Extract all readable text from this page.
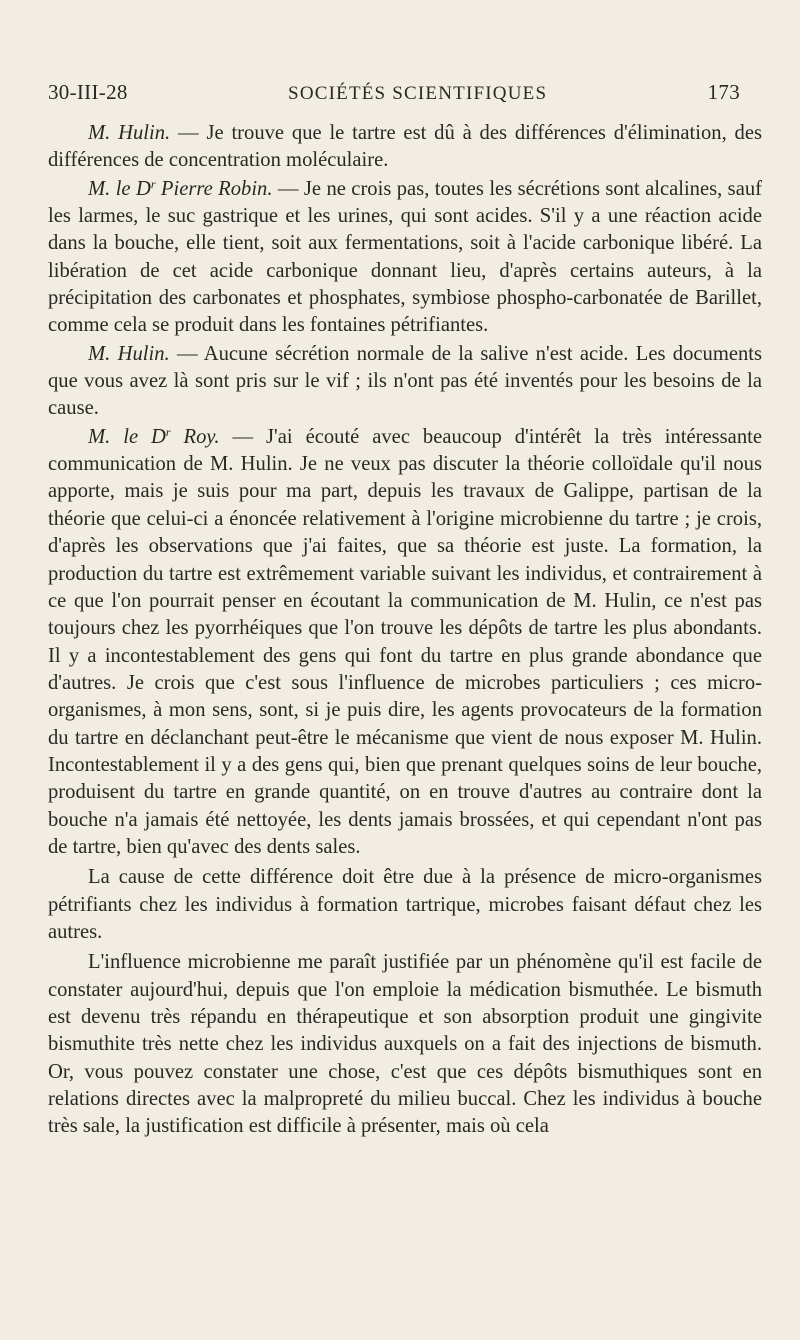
30-III-28	SOCIÉTÉS SCIENTIFIQUES	173

M. Hulin. — Je trouve que le tartre est dû à des différences d'élimination, des différences de concentration moléculaire.

M. le $D^r$ Pierre Robin. — Je ne crois pas, toutes les sécrétions sont alcalines, sauf les larmes, le suc gastrique et les urines, qui sont acides. S'il y a une réaction acide dans la bouche, elle tient, soit aux fermentations, soit à l'acide carbonique libéré. La libération de cet acide carbonique donnant lieu, d'après certains auteurs, à la précipitation des carbonates et phosphates, symbiose phospho-carbonatée de Barillet, comme cela se produit dans les fontaines pétrifiantes.

M. Hulin. — Aucune sécrétion normale de la salive n'est acide. Les documents que vous avez là sont pris sur le vif ; ils n'ont pas été inventés pour les besoins de la cause.

M. le $D^r$ Roy. — J'ai écouté avec beaucoup d'intérêt la très intéressante communication de M. Hulin. Je ne veux pas discuter la théorie colloïdale qu'il nous apporte, mais je suis pour ma part, depuis les travaux de Galippe, partisan de la théorie que celui-ci a énoncée relativement à l'origine microbienne du tartre ; je crois, d'après les observations que j'ai faites, que sa théorie est juste. La formation, la production du tartre est extrêmement variable suivant les individus, et contrairement à ce que l'on pourrait penser en écoutant la communication de M. Hulin, ce n'est pas toujours chez les pyorrhéiques que l'on trouve les dépôts de tartre les plus abondants. Il y a incontestablement des gens qui font du tartre en plus grande abondance que d'autres. Je crois que c'est sous l'influence de microbes particuliers ; ces micro-organismes, à mon sens, sont, si je puis dire, les agents provocateurs de la formation du tartre en déclanchant peut-être le mécanisme que vient de nous exposer M. Hulin. Incontestablement il y a des gens qui, bien que prenant quelques soins de leur bouche, produisent du tartre en grande quantité, on en trouve d'autres au contraire dont la bouche n'a jamais été nettoyée, les dents jamais brossées, et qui cependant n'ont pas de tartre, bien qu'avec des dents sales.

La cause de cette différence doit être due à la présence de micro-organismes pétrifiants chez les individus à formation tartrique, microbes faisant défaut chez les autres.

L'influence microbienne me paraît justifiée par un phénomène qu'il est facile de constater aujourd'hui, depuis que l'on emploie la médication bismuthée. Le bismuth est devenu très répandu en thérapeutique et son absorption produit une gingivite bismuthite très nette chez les individus auxquels on a fait des injections de bismuth. Or, vous pouvez constater une chose, c'est que ces dépôts bismuthiques sont en relations directes avec la malpropreté du milieu buccal. Chez les individus à bouche très sale, la justification est difficile à présenter, mais où cela
